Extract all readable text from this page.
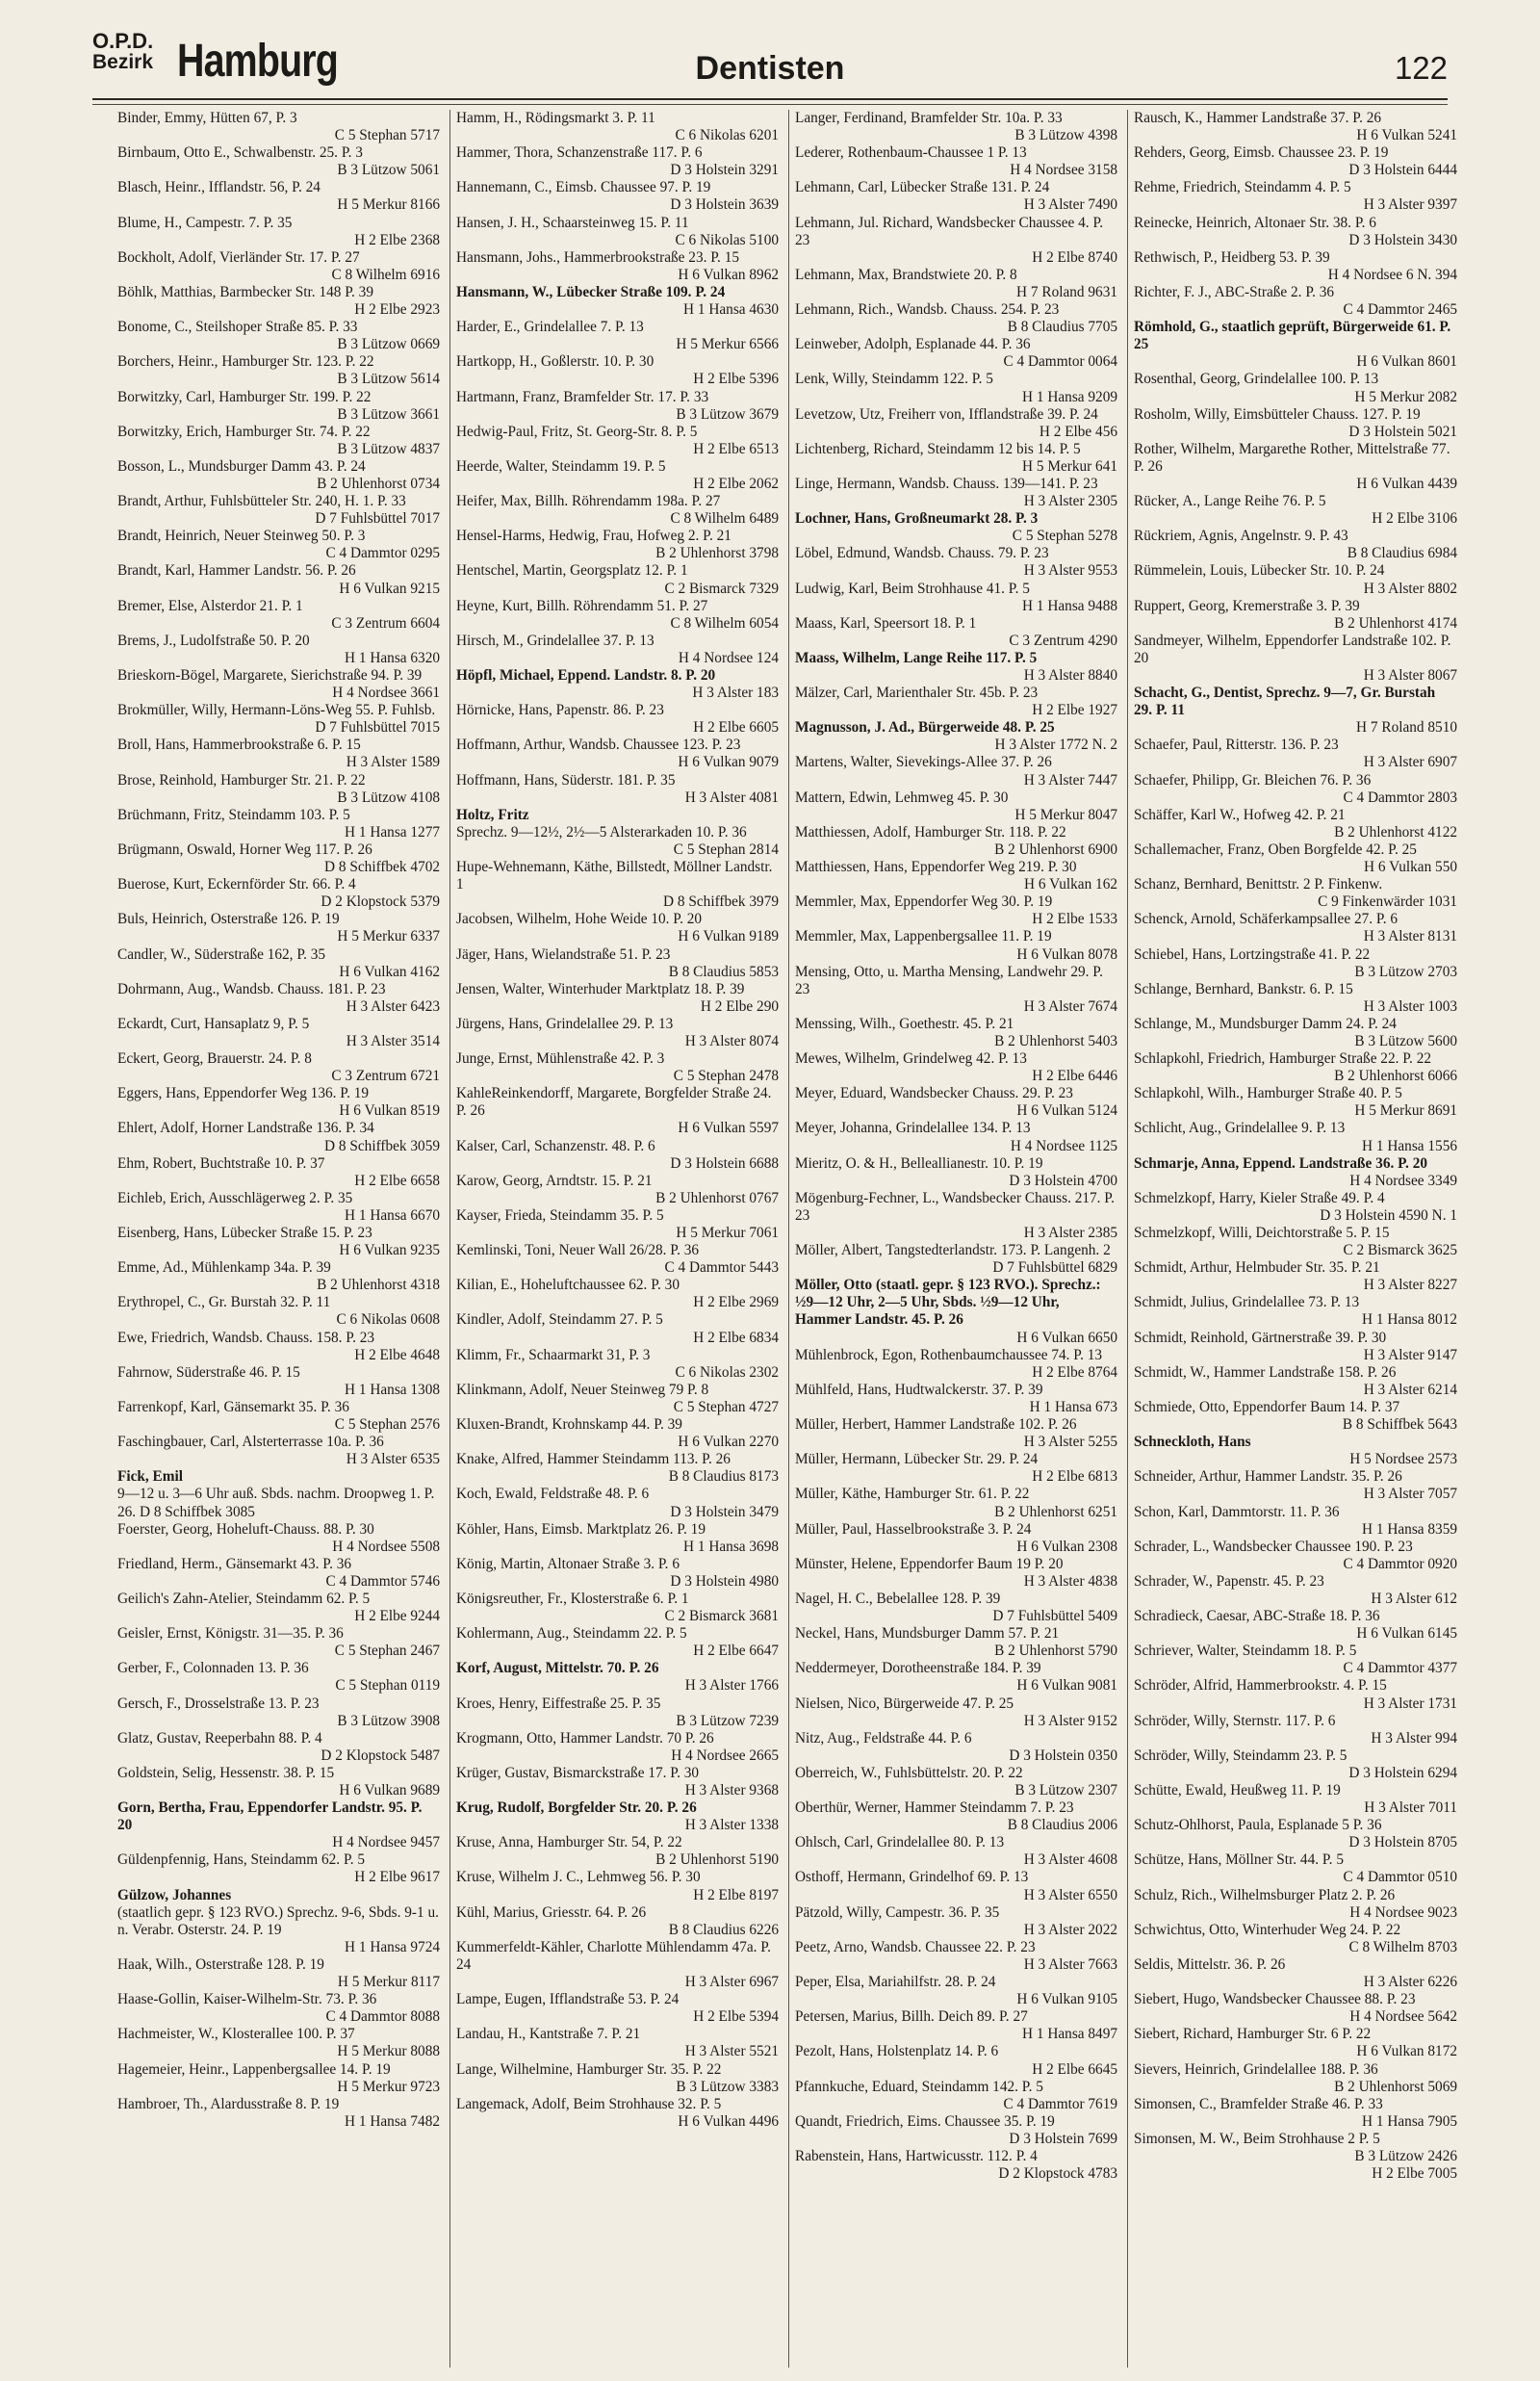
O.P.D.
Bezirk Hamburg	Dentisten	122
Binder, Emmy, Hütten 67, P. 3
C 5 Stephan 5717
Birnbaum, Otto E., Schwalbenstr. 25. P. 3
B 3 Lützow 5061
Blasch, Heinr., Ifflandstr. 56, P. 24
H 5 Merkur 8166
Blume, H., Campestr. 7. P. 35
H 2 Elbe 2368
Bockholt, Adolf, Vierländer Str. 17. P. 27
C 8 Wilhelm 6916
Böhlk, Matthias, Barmbecker Str. 148 P. 39
H 2 Elbe 2923
Bonome, C., Steilshoper Straße 85. P. 33
B 3 Lützow 0669
Borchers, Heinr., Hamburger Str. 123. P. 22
B 3 Lützow 5614
Borwitzky, Carl, Hamburger Str. 199. P. 22
B 3 Lützow 3661
Borwitzky, Erich, Hamburger Str. 74. P. 22
B 3 Lützow 4837
Bosson, L., Mundsburger Damm 43. P. 24
B 2 Uhlenhorst 0734
Brandt, Arthur, Fuhlsbütteler Str. 240, H. 1. P. 33
D 7 Fuhlsbüttel 7017
Brandt, Heinrich, Neuer Steinweg 50. P. 3
C 4 Dammtor 0295
Brandt, Karl, Hammer Landstr. 56. P. 26
H 6 Vulkan 9215
Bremer, Else, Alsterdor 21. P. 1
C 3 Zentrum 6604
Brems, J., Ludolfstraße 50. P. 20
H 1 Hansa 6320
Brieskorn-Bögel, Margarete, Sierichstraße 94. P. 39
H 4 Nordsee 3661
Brokmüller, Willy, Hermann-Löns-Weg 55. P. Fuhlsb.
D 7 Fuhlsbüttel 7015
Broll, Hans, Hammerbrookstraße 6. P. 15
H 3 Alster 1589
Brose, Reinhold, Hamburger Str. 21. P. 22
B 3 Lützow 4108
Brüchmann, Fritz, Steindamm 103. P. 5
H 1 Hansa 1277
Brügmann, Oswald, Horner Weg 117. P. 26
D 8 Schiffbek 4702
Buerose, Kurt, Eckernförder Str. 66. P. 4
D 2 Klopstock 5379
Buls, Heinrich, Osterstraße 126. P. 19
H 5 Merkur 6337
Candler, W., Süderstraße 162, P. 35
H 6 Vulkan 4162
Dohrmann, Aug., Wandsb. Chauss. 181. P. 23
H 3 Alster 6423
Eckardt, Curt, Hansaplatz 9, P. 5
H 3 Alster 3514
Eckert, Georg, Brauerstr. 24. P. 8
C 3 Zentrum 6721
Eggers, Hans, Eppendorfer Weg 136. P. 19
H 6 Vulkan 8519
Ehlert, Adolf, Horner Landstraße 136. P. 34
D 8 Schiffbek 3059
Ehm, Robert, Buchtstraße 10. P. 37
H 2 Elbe 6658
Eichleb, Erich, Ausschlägerweg 2. P. 35
H 1 Hansa 6670
Eisenberg, Hans, Lübecker Straße 15. P. 23
H 6 Vulkan 9235
Emme, Ad., Mühlenkamp 34a. P. 39
B 2 Uhlenhorst 4318
Erythropel, C., Gr. Burstah 32. P. 11
C 6 Nikolas 0608
Ewe, Friedrich, Wandsb. Chauss. 158. P. 23
H 2 Elbe 4648
Fahrnow, Süderstraße 46. P. 15
H 1 Hansa 1308
Farrenkopf, Karl, Gänsemarkt 35. P. 36
C 5 Stephan 2576
Faschingbauer, Carl, Alsterterrasse 10a. P. 36
H 3 Alster 6535
Fick, Emil
9—12 u. 3—6 Uhr auß. Sbds. nachm. Droopweg 1. P. 26. D 8 Schiffbek 3085
Foerster, Georg, Hoheluft-Chauss. 88. P. 30
H 4 Nordsee 5508
Friedland, Herm., Gänsemarkt 43. P. 36
C 4 Dammtor 5746
Geilich's Zahn-Atelier, Steindamm 62. P. 5
H 2 Elbe 9244
Geisler, Ernst, Königstr. 31—35. P. 36
C 5 Stephan 2467
Gerber, F., Colonnaden 13. P. 36
C 5 Stephan 0119
Gersch, F., Drosselstraße 13. P. 23
B 3 Lützow 3908
Glatz, Gustav, Reeperbahn 88. P. 4
D 2 Klopstock 5487
Goldstein, Selig, Hessenstr. 38. P. 15
H 6 Vulkan 9689
Gorn, Bertha, Frau, Eppendorfer Landstr. 95. P. 20
H 4 Nordsee 9457
Güldenpfennig, Hans, Steindamm 62. P. 5
H 2 Elbe 9617
Gülzow, Johannes
(staatlich gepr. § 123 RVO.) Sprechz. 9-6, Sbds. 9-1 u. n. Verabr. Osterstr. 24. P. 19
H 1 Hansa 9724
Haak, Wilh., Osterstraße 128. P. 19
H 5 Merkur 8117
Haase-Gollin, Kaiser-Wilhelm-Str. 73. P. 36
C 4 Dammtor 8088
Hachmeister, W., Klosterallee 100. P. 37
H 5 Merkur 8088
Hagemeier, Heinr., Lappenbergsallee 14. P. 19
H 5 Merkur 9723
Hambroer, Th., Alardusstraße 8. P. 19
H 1 Hansa 7482
Hamm, H., Rödingsmarkt 3. P. 11
C 6 Nikolas 6201
Hammer, Thora, Schanzenstraße 117. P. 6
D 3 Holstein 3291
Hannemann, C., Eimsb. Chaussee 97. P. 19
D 3 Holstein 3639
Hansen, J. H., Schaarsteinweg 15. P. 11
C 6 Nikolas 5100
Hansmann, Johs., Hammerbrookstraße 23. P. 15
H 6 Vulkan 8962
Hansmann, W., Lübecker Straße 109. P. 24
H 1 Hansa 4630
Harder, E., Grindelallee 7. P. 13
H 5 Merkur 6566
Hartkopp, H., Goßlerstr. 10. P. 30
H 2 Elbe 5396
Hartmann, Franz, Bramfelder Str. 17. P. 33
B 3 Lützow 3679
Hedwig-Paul, Fritz, St. Georg-Str. 8. P. 5
H 2 Elbe 6513
Heerde, Walter, Steindamm 19. P. 5
H 2 Elbe 2062
Heifer, Max, Billh. Röhrendamm 198a. P. 27
C 8 Wilhelm 6489
Hensel-Harms, Hedwig, Frau, Hofweg 2. P. 21
B 2 Uhlenhorst 3798
Hentschel, Martin, Georgsplatz 12. P. 1
C 2 Bismarck 7329
Heyne, Kurt, Billh. Röhrendamm 51. P. 27
C 8 Wilhelm 6054
Hirsch, M., Grindelallee 37. P. 13
H 4 Nordsee 124
Höpfl, Michael, Eppend. Landstr. 8. P. 20
H 3 Alster 183
Hörnicke, Hans, Papenstr. 86. P. 23
H 2 Elbe 6605
Hoffmann, Arthur, Wandsb. Chaussee 123. P. 23
H 6 Vulkan 9079
Hoffmann, Hans, Süderstr. 181. P. 35
H 3 Alster 4081
Holtz, Fritz
Sprechz. 9—12½, 2½—5 Alsterarkaden 10. P. 36
C 5 Stephan 2814
Hupe-Wehnemann, Käthe, Billstedt, Möllner Landstr. 1
D 8 Schiffbek 3979
Jacobsen, Wilhelm, Hohe Weide 10. P. 20
H 6 Vulkan 9189
Jäger, Hans, Wielandstraße 51. P. 23
B 8 Claudius 5853
Jensen, Walter, Winterhuder Marktplatz 18. P. 39
H 2 Elbe 290
Jürgens, Hans, Grindelallee 29. P. 13
H 3 Alster 8074
Junge, Ernst, Mühlenstraße 42. P. 3
C 5 Stephan 2478
KahleReinkendorff, Margarete, Borgfelder Straße 24. P. 26
H 6 Vulkan 5597
Kalser, Carl, Schanzenstr. 48. P. 6
D 3 Holstein 6688
Karow, Georg, Arndtstr. 15. P. 21
B 2 Uhlenhorst 0767
Kayser, Frieda, Steindamm 35. P. 5
H 5 Merkur 7061
Kemlinski, Toni, Neuer Wall 26/28. P. 36
C 4 Dammtor 5443
Kilian, E., Hoheluftchaussee 62. P. 30
H 2 Elbe 2969
Kindler, Adolf, Steindamm 27. P. 5
H 2 Elbe 6834
Klimm, Fr., Schaarmarkt 31, P. 3
C 6 Nikolas 2302
Klinkmann, Adolf, Neuer Steinweg 79 P. 8
C 5 Stephan 4727
Kluxen-Brandt, Krohnskamp 44. P. 39
H 6 Vulkan 2270
Knake, Alfred, Hammer Steindamm 113. P. 26
B 8 Claudius 8173
Koch, Ewald, Feldstraße 48. P. 6
D 3 Holstein 3479
Köhler, Hans, Eimsb. Marktplatz 26. P. 19
H 1 Hansa 3698
König, Martin, Altonaer Straße 3. P. 6
D 3 Holstein 4980
Königsreuther, Fr., Klosterstraße 6. P. 1
C 2 Bismarck 3681
Kohlermann, Aug., Steindamm 22. P. 5
H 2 Elbe 6647
Korf, August, Mittelstr. 70. P. 26
H 3 Alster 1766
Kroes, Henry, Eiffestraße 25. P. 35
B 3 Lützow 7239
Krogmann, Otto, Hammer Landstr. 70 P. 26
H 4 Nordsee 2665
Krüger, Gustav, Bismarckstraße 17. P. 30
H 3 Alster 9368
Krug, Rudolf, Borgfelder Str. 20. P. 26
H 3 Alster 1338
Kruse, Anna, Hamburger Str. 54, P. 22
B 2 Uhlenhorst 5190
Kruse, Wilhelm J. C., Lehmweg 56. P. 30
H 2 Elbe 8197
Kühl, Marius, Griesstr. 64. P. 26
B 8 Claudius 6226
Kummerfeldt-Kähler, Charlotte Mühlendamm 47a. P. 24
H 3 Alster 6967
Lampe, Eugen, Ifflandstraße 53. P. 24
H 2 Elbe 5394
Landau, H., Kantstraße 7. P. 21
H 3 Alster 5521
Lange, Wilhelmine, Hamburger Str. 35. P. 22
B 3 Lützow 3383
Langemack, Adolf, Beim Strohhause 32. P. 5
H 6 Vulkan 4496
Langer, Ferdinand, Bramfelder Str. 10a. P. 33
B 3 Lützow 4398
Lederer, Rothenbaum-Chaussee 1 P. 13
H 4 Nordsee 3158
Lehmann, Carl, Lübecker Straße 131. P. 24
H 3 Alster 7490
Lehmann, Jul. Richard, Wandsbecker Chaussee 4. P. 23
H 2 Elbe 8740
Lehmann, Max, Brandstwiete 20. P. 8
H 7 Roland 9631
Lehmann, Rich., Wandsb. Chauss. 254. P. 23
B 8 Claudius 7705
Leinweber, Adolph, Esplanade 44. P. 36
C 4 Dammtor 0064
Lenk, Willy, Steindamm 122. P. 5
H 1 Hansa 9209
Levetzow, Utz, Freiherr von, Ifflandstraße 39. P. 24
H 2 Elbe 456
Lichtenberg, Richard, Steindamm 12 bis 14. P. 5
H 5 Merkur 641
Linge, Hermann, Wandsb. Chauss. 139—141. P. 23
H 3 Alster 2305
Lochner, Hans, Großneumarkt 28. P. 3
C 5 Stephan 5278
Löbel, Edmund, Wandsb. Chauss. 79. P. 23
H 3 Alster 9553
Ludwig, Karl, Beim Strohhause 41. P. 5
H 1 Hansa 9488
Maass, Karl, Speersort 18. P. 1
C 3 Zentrum 4290
Maass, Wilhelm, Lange Reihe 117. P. 5
H 3 Alster 8840
Mälzer, Carl, Marienthaler Str. 45b. P. 23
H 2 Elbe 1927
Magnusson, J. Ad., Bürgerweide 48. P. 25
H 3 Alster 1772 N. 2
Martens, Walter, Sievekings-Allee 37. P. 26
H 3 Alster 7447
Mattern, Edwin, Lehmweg 45. P. 30
H 5 Merkur 8047
Matthiessen, Adolf, Hamburger Str. 118. P. 22
B 2 Uhlenhorst 6900
Matthiessen, Hans, Eppendorfer Weg 219. P. 30
H 6 Vulkan 162
Memmler, Max, Eppendorfer Weg 30. P. 19
H 2 Elbe 1533
Memmler, Max, Lappenbergsallee 11. P. 19
H 6 Vulkan 8078
Mensing, Otto, u. Martha Mensing, Landwehr 29. P. 23
H 3 Alster 7674
Menssing, Wilh., Goethestr. 45. P. 21
B 2 Uhlenhorst 5403
Mewes, Wilhelm, Grindelweg 42. P. 13
H 2 Elbe 6446
Meyer, Eduard, Wandsbecker Chauss. 29. P. 23
H 6 Vulkan 5124
Meyer, Johanna, Grindelallee 134. P. 13
H 4 Nordsee 1125
Mieritz, O. & H., Belleallianestr. 10. P. 19
D 3 Holstein 4700
Mögenburg-Fechner, L., Wandsbecker Chauss. 217. P. 23
H 3 Alster 2385
Möller, Albert, Tangstedterlandstr. 173. P. Langenh. 2
D 7 Fuhlsbüttel 6829
Möller, Otto (staatl. gepr. § 123 RVO.). Sprechz.: ½9—12 Uhr, 2—5 Uhr, Sbds. ½9—12 Uhr, Hammer Landstr. 45. P. 26
H 6 Vulkan 6650
Mühlenbrock, Egon, Rothenbaumchaussee 74. P. 13
H 2 Elbe 8764
Mühlfeld, Hans, Hudtwalckerstr. 37. P. 39
H 1 Hansa 673
Müller, Herbert, Hammer Landstraße 102. P. 26
H 3 Alster 5255
Müller, Hermann, Lübecker Str. 29. P. 24
H 2 Elbe 6813
Müller, Käthe, Hamburger Str. 61. P. 22
B 2 Uhlenhorst 6251
Müller, Paul, Hasselbrookstraße 3. P. 24
H 6 Vulkan 2308
Münster, Helene, Eppendorfer Baum 19 P. 20
H 3 Alster 4838
Nagel, H. C., Bebelallee 128. P. 39
D 7 Fuhlsbüttel 5409
Neckel, Hans, Mundsburger Damm 57. P. 21
B 2 Uhlenhorst 5790
Neddermeyer, Dorotheenstraße 184. P. 39
H 6 Vulkan 9081
Nielsen, Nico, Bürgerweide 47. P. 25
H 3 Alster 9152
Nitz, Aug., Feldstraße 44. P. 6
D 3 Holstein 0350
Oberreich, W., Fuhlsbüttelstr. 20. P. 22
B 3 Lützow 2307
Oberthür, Werner, Hammer Steindamm 7. P. 23
B 8 Claudius 2006
Ohlsch, Carl, Grindelallee 80. P. 13
H 3 Alster 4608
Osthoff, Hermann, Grindelhof 69. P. 13
H 3 Alster 6550
Pätzold, Willy, Campestr. 36. P. 35
H 3 Alster 2022
Peetz, Arno, Wandsb. Chaussee 22. P. 23
H 3 Alster 7663
Peper, Elsa, Mariahilfstr. 28. P. 24
H 6 Vulkan 9105
Petersen, Marius, Billh. Deich 89. P. 27
H 1 Hansa 8497
Pezolt, Hans, Holstenplatz 14. P. 6
H 2 Elbe 6645
Pfannkuche, Eduard, Steindamm 142. P. 5
C 4 Dammtor 7619
Quandt, Friedrich, Eims. Chaussee 35. P. 19
D 3 Holstein 7699
Rabenstein, Hans, Hartwicusstr. 112. P. 4
D 2 Klopstock 4783
Rausch, K., Hammer Landstraße 37. P. 26
H 6 Vulkan 5241
Rehders, Georg, Eimsb. Chaussee 23. P. 19
D 3 Holstein 6444
Rehme, Friedrich, Steindamm 4. P. 5
H 3 Alster 9397
Reinecke, Heinrich, Altonaer Str. 38. P. 6
D 3 Holstein 3430
Rethwisch, P., Heidberg 53. P. 39
H 4 Nordsee 6 N. 394
Richter, F. J., ABC-Straße 2. P. 36
C 4 Dammtor 2465
Römhold, G., staatlich geprüft, Bürgerweide 61. P. 25
H 6 Vulkan 8601
Rosenthal, Georg, Grindelallee 100. P. 13
H 5 Merkur 2082
Rosholm, Willy, Eimsbütteler Chauss. 127. P. 19
D 3 Holstein 5021
Rother, Wilhelm, Margarethe Rother, Mittelstraße 77. P. 26
H 6 Vulkan 4439
Rücker, A., Lange Reihe 76. P. 5
H 2 Elbe 3106
Rückriem, Agnis, Angelnstr. 9. P. 43
B 8 Claudius 6984
Rümmelein, Louis, Lübecker Str. 10. P. 24
H 3 Alster 8802
Ruppert, Georg, Kremerstraße 3. P. 39
B 2 Uhlenhorst 4174
Sandmeyer, Wilhelm, Eppendorfer Landstraße 102. P. 20
H 3 Alster 8067
Schacht, G., Dentist, Sprechz. 9—7, Gr. Burstah 29. P. 11
H 7 Roland 8510
Schaefer, Paul, Ritterstr. 136. P. 23
H 3 Alster 6907
Schaefer, Philipp, Gr. Bleichen 76. P. 36
C 4 Dammtor 2803
Schäffer, Karl W., Hofweg 42. P. 21
B 2 Uhlenhorst 4122
Schallemacher, Franz, Oben Borgfelde 42. P. 25
H 6 Vulkan 550
Schanz, Bernhard, Benittstr. 2 P. Finkenw.
C 9 Finkenwärder 1031
Schenck, Arnold, Schäferkampsallee 27. P. 6
H 3 Alster 8131
Schiebel, Hans, Lortzingstraße 41. P. 22
B 3 Lützow 2703
Schlange, Bernhard, Bankstr. 6. P. 15
H 3 Alster 1003
Schlange, M., Mundsburger Damm 24. P. 24
B 3 Lützow 5600
Schlapkohl, Friedrich, Hamburger Straße 22. P. 22
B 2 Uhlenhorst 6066
Schlapkohl, Wilh., Hamburger Straße 40. P. 5
H 5 Merkur 8691
Schlicht, Aug., Grindelallee 9. P. 13
H 1 Hansa 1556
Schmarje, Anna, Eppend. Landstraße 36. P. 20
H 4 Nordsee 3349
Schmelzkopf, Harry, Kieler Straße 49. P. 4
D 3 Holstein 4590 N. 1
Schmelzkopf, Willi, Deichtorstraße 5. P. 15
C 2 Bismarck 3625
Schmidt, Arthur, Helmbuder Str. 35. P. 21
H 3 Alster 8227
Schmidt, Julius, Grindelallee 73. P. 13
H 1 Hansa 8012
Schmidt, Reinhold, Gärtnerstraße 39. P. 30
H 3 Alster 9147
Schmidt, W., Hammer Landstraße 158. P. 26
H 3 Alster 6214
Schmiede, Otto, Eppendorfer Baum 14. P. 37
B 8 Schiffbek 5643
Schneckloth, Hans
H 5 Nordsee 2573
Schneider, Arthur, Hammer Landstr. 35. P. 26
H 3 Alster 7057
Schon, Karl, Dammtorstr. 11. P. 36
H 1 Hansa 8359
Schrader, L., Wandsbecker Chaussee 190. P. 23
C 4 Dammtor 0920
Schrader, W., Papenstr. 45. P. 23
H 3 Alster 612
Schradieck, Caesar, ABC-Straße 18. P. 36
H 6 Vulkan 6145
Schriever, Walter, Steindamm 18. P. 5
C 4 Dammtor 4377
Schröder, Alfrid, Hammerbrookstr. 4. P. 15
H 3 Alster 1731
Schröder, Willy, Sternstr. 117. P. 6
H 3 Alster 994
Schröder, Willy, Steindamm 23. P. 5
D 3 Holstein 6294
Schütte, Ewald, Heußweg 11. P. 19
H 3 Alster 7011
Schutz-Ohlhorst, Paula, Esplanade 5 P. 36
D 3 Holstein 8705
Schütze, Hans, Möllner Str. 44. P. 5
C 4 Dammtor 0510
Schulz, Rich., Wilhelmsburger Platz 2. P. 26
H 4 Nordsee 9023
Schwichtus, Otto, Winterhuder Weg 24. P. 22
C 8 Wilhelm 8703
Seldis, Mittelstr. 36. P. 26
H 3 Alster 6226
Siebert, Hugo, Wandsbecker Chaussee 88. P. 23
H 4 Nordsee 5642
Siebert, Richard, Hamburger Str. 6 P. 22
H 6 Vulkan 8172
Sievers, Heinrich, Grindelallee 188. P. 36
B 2 Uhlenhorst 5069
Simonsen, C., Bramfelder Straße 46. P. 33
H 1 Hansa 7905
Simonsen, M. W., Beim Strohhause 2 P. 5
B 3 Lützow 2426
H 2 Elbe 7005
